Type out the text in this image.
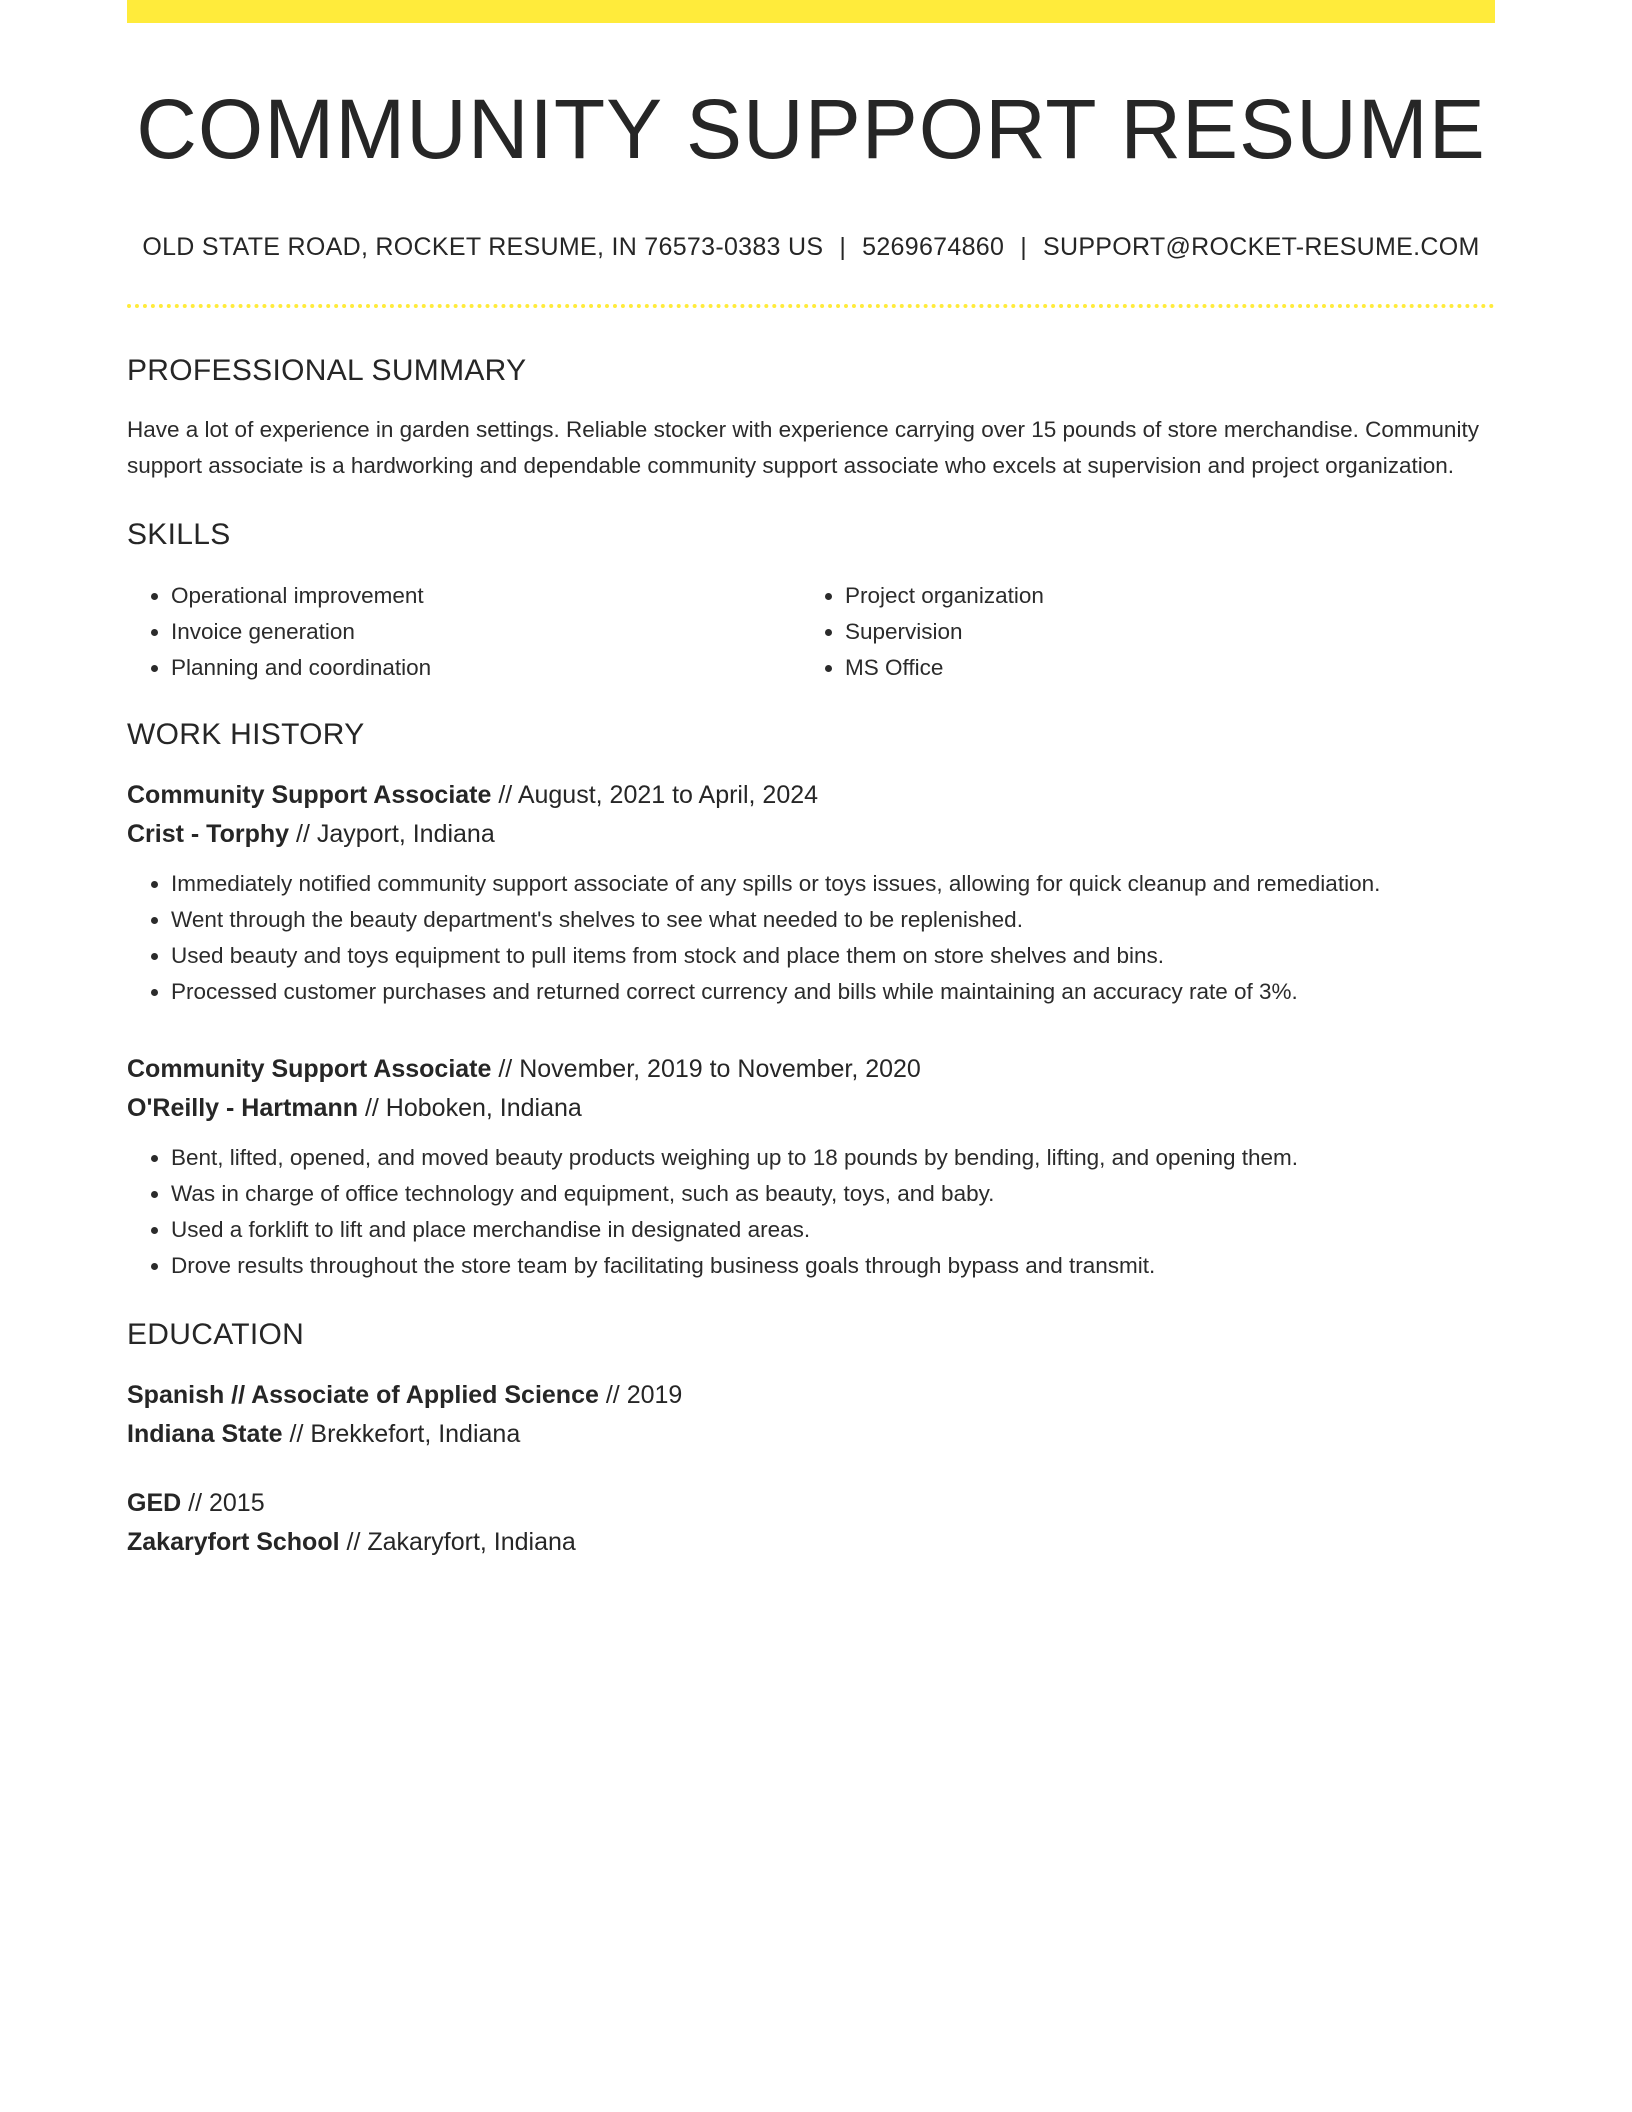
COMMUNITY SUPPORT RESUME
OLD STATE ROAD, ROCKET RESUME, IN 76573-0383 US | 5269674860 | SUPPORT@ROCKET-RESUME.COM
PROFESSIONAL SUMMARY
Have a lot of experience in garden settings. Reliable stocker with experience carrying over 15 pounds of store merchandise. Community support associate is a hardworking and dependable community support associate who excels at supervision and project organization.
SKILLS
• Operational improvement
• Invoice generation
• Planning and coordination
• Project organization
• Supervision
• MS Office
WORK HISTORY
Community Support Associate // August, 2021 to April, 2024
Crist - Torphy // Jayport, Indiana
• Immediately notified community support associate of any spills or toys issues, allowing for quick cleanup and remediation.
• Went through the beauty department's shelves to see what needed to be replenished.
• Used beauty and toys equipment to pull items from stock and place them on store shelves and bins.
• Processed customer purchases and returned correct currency and bills while maintaining an accuracy rate of 3%.
Community Support Associate // November, 2019 to November, 2020
O'Reilly - Hartmann // Hoboken, Indiana
• Bent, lifted, opened, and moved beauty products weighing up to 18 pounds by bending, lifting, and opening them.
• Was in charge of office technology and equipment, such as beauty, toys, and baby.
• Used a forklift to lift and place merchandise in designated areas.
• Drove results throughout the store team by facilitating business goals through bypass and transmit.
EDUCATION
Spanish // Associate of Applied Science // 2019
Indiana State // Brekkefort, Indiana
GED // 2015
Zakaryfort School // Zakaryfort, Indiana
